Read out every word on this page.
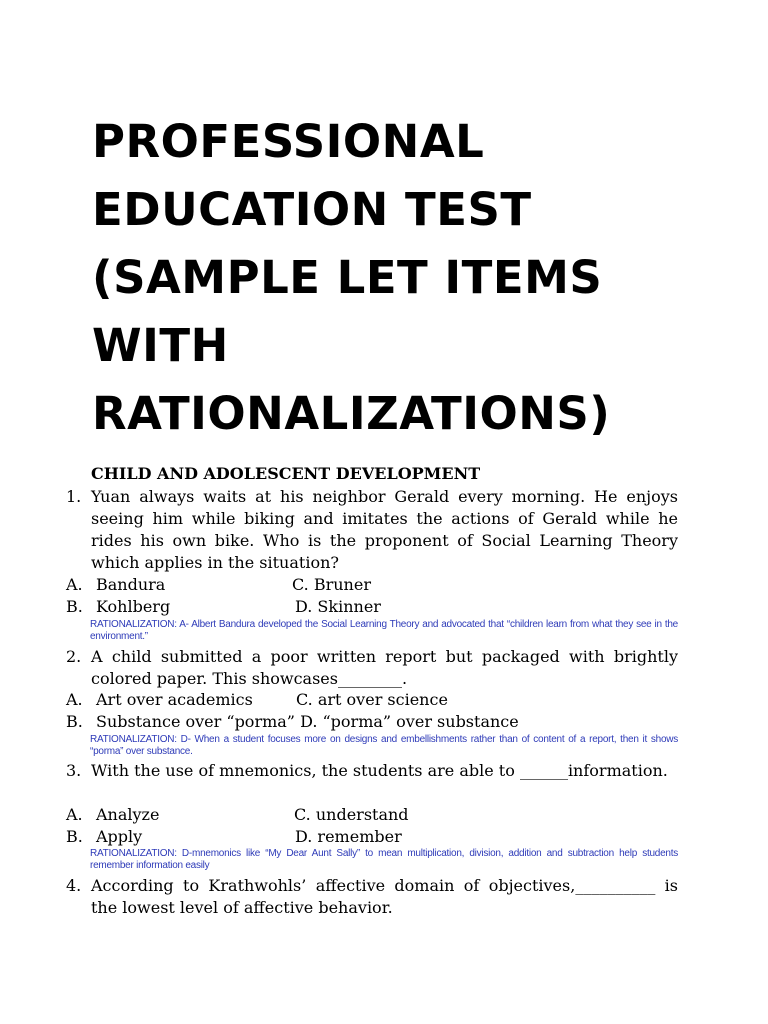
PROFESSIONAL
EDUCATION TEST
(SAMPLE LET ITEMS
WITH
RATIONALIZATIONS)
CHILD AND ADOLESCENT DEVELOPMENT
1. Yuan always waits at his neighbor Gerald every morning. He enjoys seeing him while biking and imitates the actions of Gerald while he rides his own bike. Who is the proponent of Social Learning Theory which applies in the situation?
A. Bandura	C. Bruner
B. Kohlberg	D. Skinner
RATIONALIZATION: A- Albert Bandura developed the Social Learning Theory and advocated that “children learn from what they see in the environment.”
2. A child submitted a poor written report but packaged with brightly colored paper. This showcases________.
A. Art over academics	C. art over science
B. Substance over “porma” D. “porma” over substance
RATIONALIZATION: D- When a student focuses more on designs and embellishments rather than of content of a report, then it shows “porma” over substance.
3. With the use of mnemonics, the students are able to ______information.
A. Analyze	C. understand
B. Apply	D. remember
RATIONALIZATION: D-mnemonics like “My Dear Aunt Sally” to mean multiplication, division, addition and subtraction help students remember information easily
4. According to Krathwohls’ affective domain of objectives,__________ is the lowest level of affective behavior.
